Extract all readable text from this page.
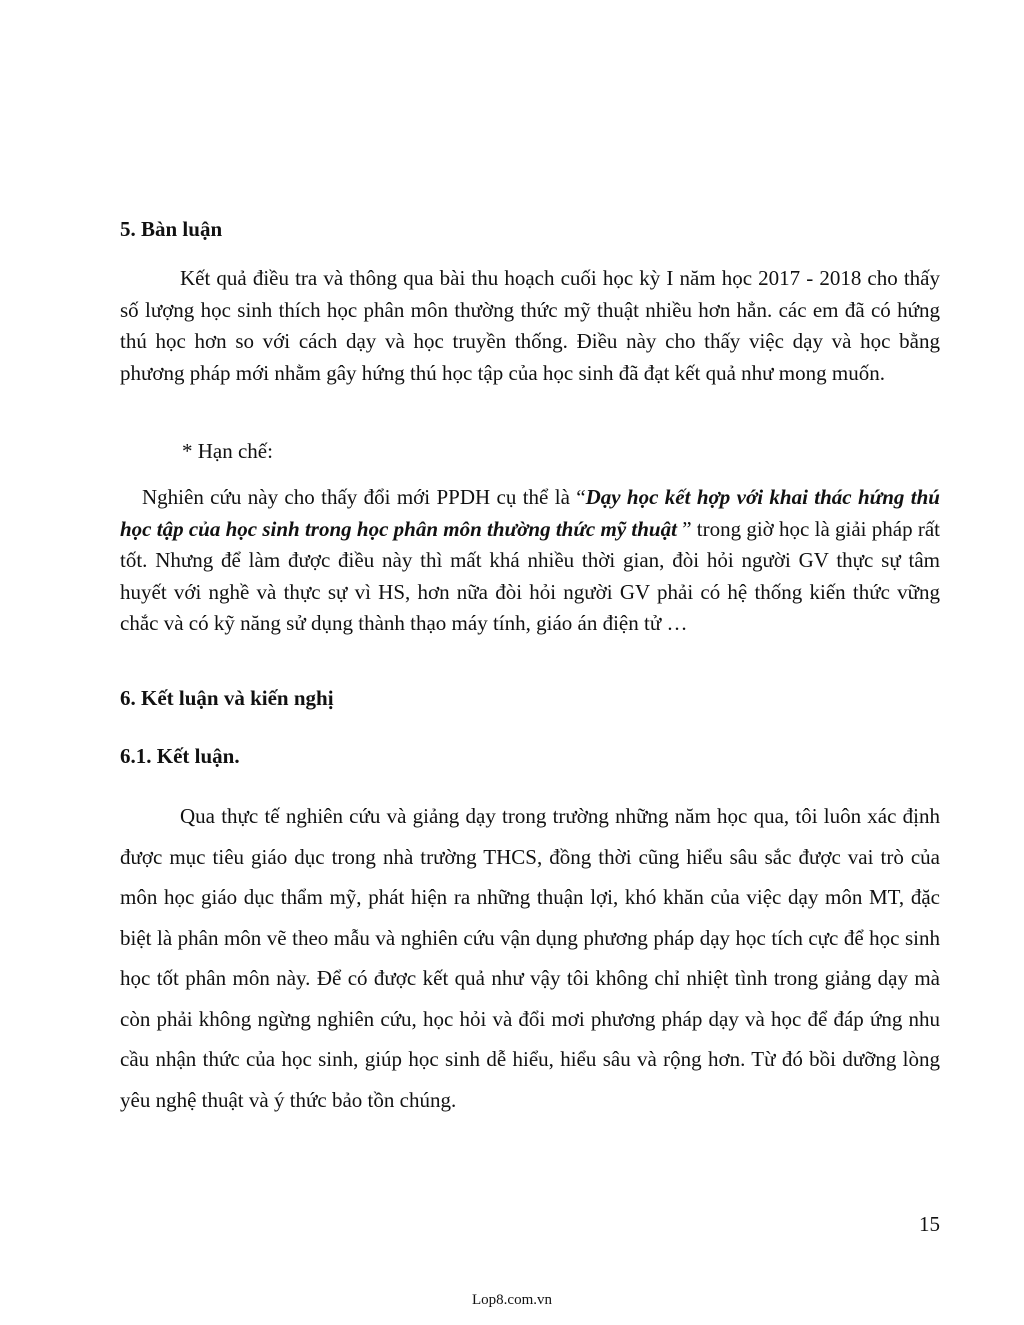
5. Bàn luận

Kết quả điều tra và thông qua bài thu hoạch cuối học kỳ I năm học 2017 - 2018 cho thấy số lượng học sinh thích học phân môn thường thức mỹ thuật nhiều hơn hẳn. các em đã có hứng thú học hơn so với cách dạy và học truyền thống. Điều này cho thấy việc dạy và học bằng phương pháp mới nhằm gây hứng thú học tập của học sinh đã đạt kết quả như mong muốn.

* Hạn chế:

Nghiên cứu này cho thấy đổi mới PPDH cụ thể là “Dạy học kết hợp với khai thác hứng thú học tập của học sinh trong học phân môn thường thức mỹ thuật ” trong giờ học là giải pháp rất tốt. Nhưng để làm được điều này thì mất khá nhiều thời gian, đòi hỏi người GV thực sự tâm huyết với nghề và thực sự vì HS, hơn nữa đòi hỏi người GV phải có hệ thống kiến thức vững chắc và có kỹ năng sử dụng thành thạo máy tính, giáo án điện tử …

6. Kết luận và kiến nghị

6.1. Kết luận.

Qua thực tế nghiên cứu và giảng dạy trong trường những năm học qua, tôi luôn xác định được mục tiêu giáo dục trong nhà trường THCS, đồng thời cũng hiểu sâu sắc được vai trò của môn học giáo dục thẩm mỹ, phát hiện ra những thuận lợi, khó khăn của việc dạy môn MT, đặc biệt là phân môn vẽ theo mẫu và nghiên cứu vận dụng phương pháp dạy học tích cực để học sinh học tốt phân môn này. Để có được kết quả như vậy tôi không chỉ nhiệt tình trong giảng dạy mà còn phải không ngừng nghiên cứu, học hỏi và đổi mơi phương pháp dạy và học để đáp ứng nhu cầu nhận thức của học sinh, giúp học sinh dễ hiểu, hiểu sâu và rộng hơn. Từ đó bồi dưỡng lòng yêu nghệ thuật và ý thức bảo tồn chúng.

15
Lop8.com.vn
